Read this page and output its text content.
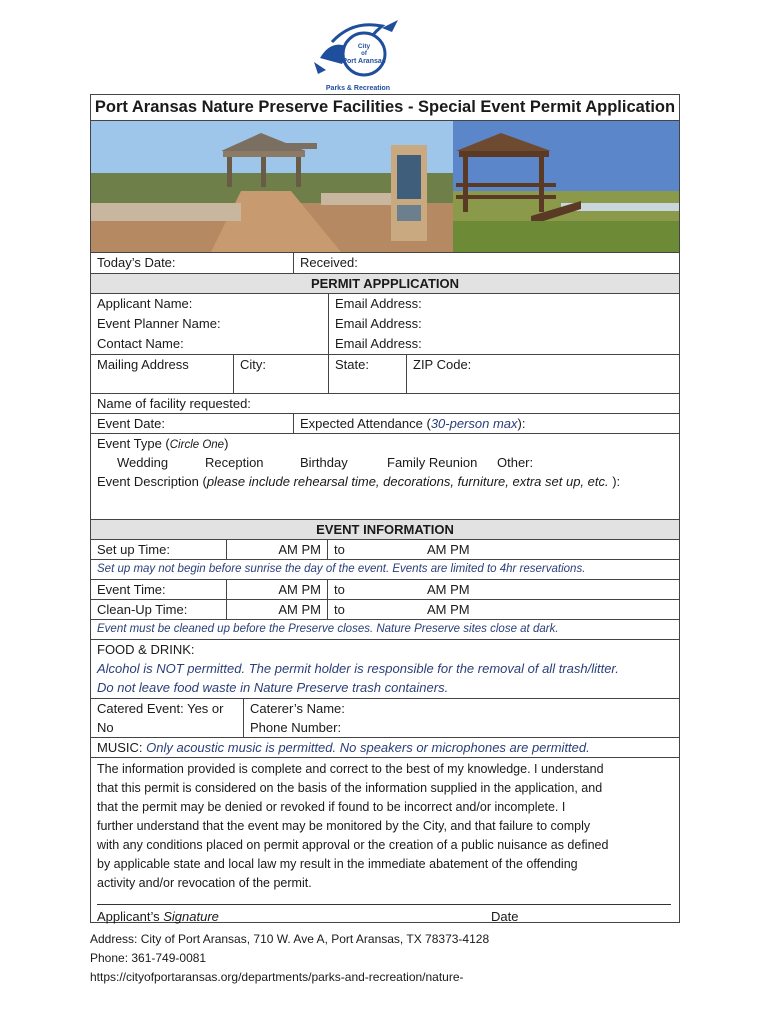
City
of
Port Aransas
Parks & Recreation
Port Aransas Nature Preserve Facilities - Special Event Permit Application
Today’s Date:	Received:
PERMIT APPPLICATION
Applicant Name:	Email Address:
Event Planner Name:	Email Address:
Contact Name:	Email Address:
Mailing Address	City:	State:	ZIP Code:
Name of facility requested:
Event Date:	Expected Attendance (30-person max):
Event Type (Circle One)
Wedding	Reception	Birthday	Family Reunion	Other:
Event Description (please include rehearsal time, decorations, furniture, extra set up, etc. ):
EVENT INFORMATION
Set up Time:	AM PM	to	AM PM
Set up may not begin before sunrise the day of the event. Events are limited to 4hr reservations.
Event Time:	AM PM	to	AM PM
Clean-Up Time:	AM PM	to	AM PM
Event must be cleaned up before the Preserve closes. Nature Preserve sites close at dark.
FOOD & DRINK:
Alcohol is NOT permitted. The permit holder is responsible for the removal of all trash/litter.
Do not leave food waste in Nature Preserve trash containers.
Catered Event: Yes or
No
Caterer’s Name:
Phone Number:
MUSIC: Only acoustic music is permitted. No speakers or microphones are permitted.
The information provided is complete and correct to the best of my knowledge. I understand
that this permit is considered on the basis of the information supplied in the application, and
that the permit may be denied or revoked if found to be incorrect and/or incomplete. I
further understand that the event may be monitored by the City, and that failure to comply
with any conditions placed on permit approval or the creation of a public nuisance as defined
by applicable state and local law my result in the immediate abatement of the offending
activity and/or revocation of the permit.
Applicant’s Signature	Date
Address: City of Port Aransas, 710 W. Ave A, Port Aransas, TX 78373-4128
Phone: 361-749-0081
https://cityofportaransas.org/departments/parks-and-recreation/nature-
